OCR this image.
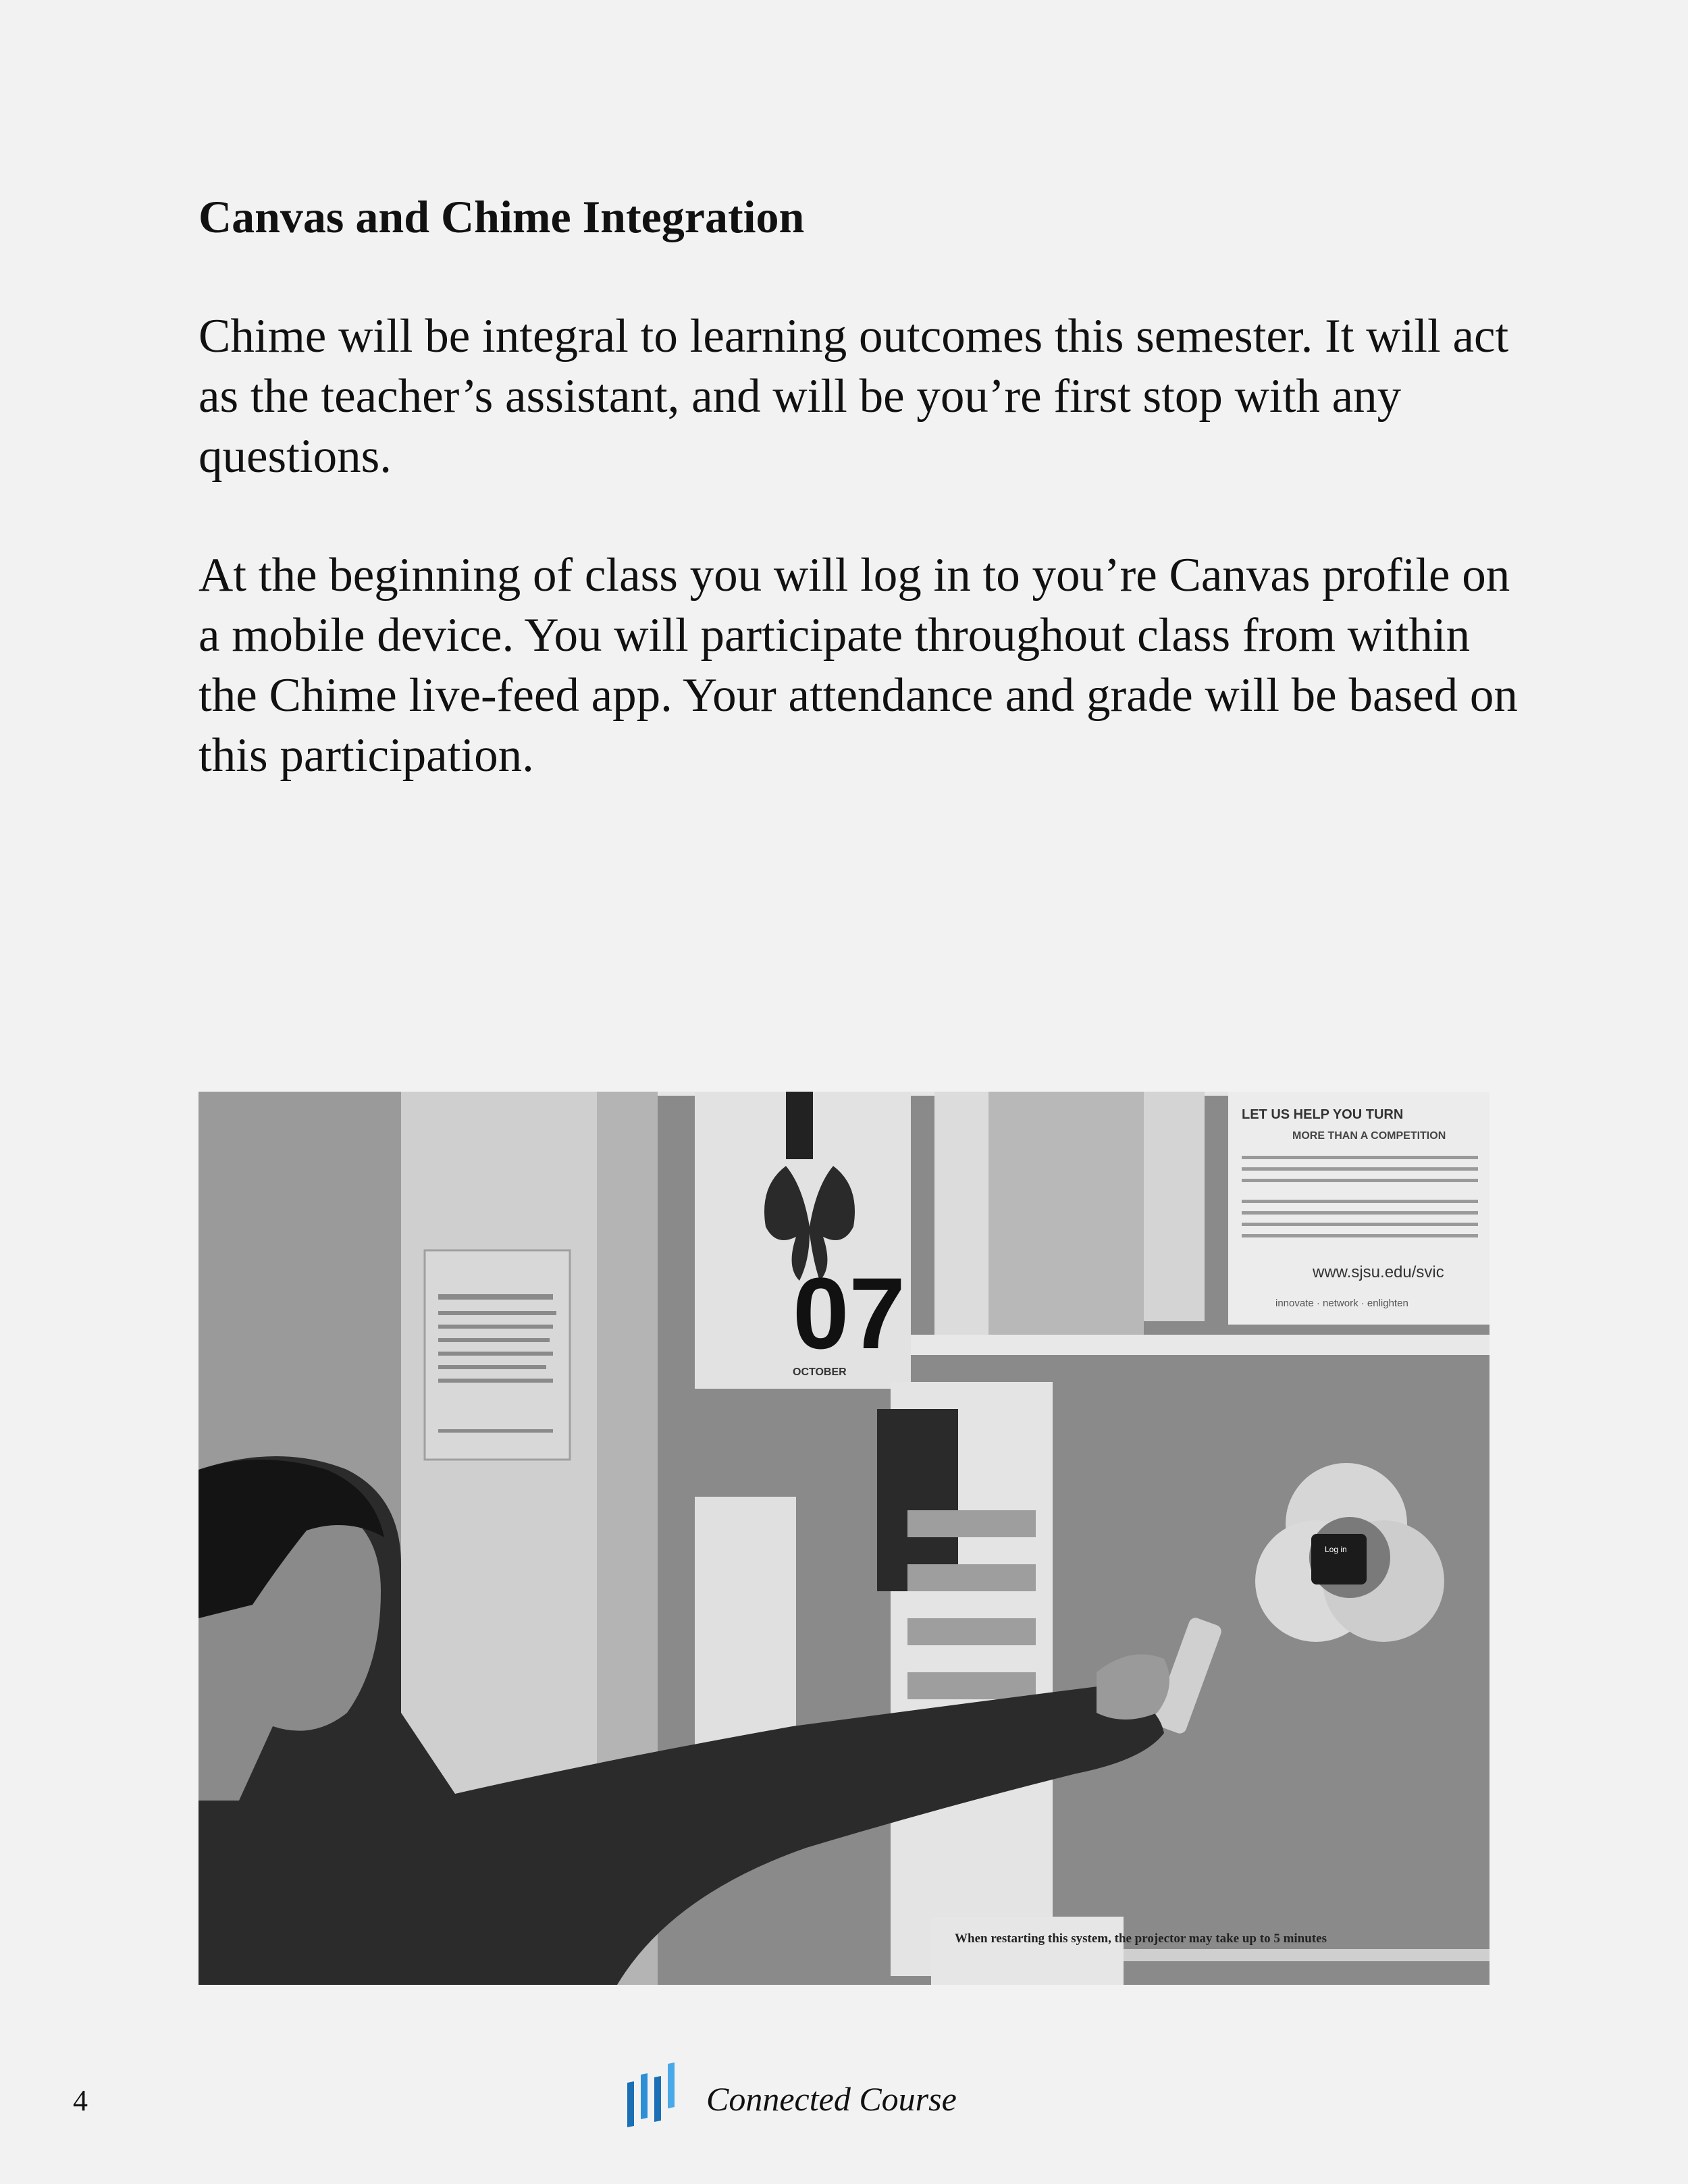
Canvas and Chime Integration

Chime will be integral to learning outcomes this semester. It will act as the teacher’s assistant, and will be you’re first stop with any questions.

At the beginning of class you will log in to you’re Canvas profile on a mobile device. You will participate throughout class from within the Chime live-feed app. Your attendance and grade will be based on this participation.

07
OCTOBER
LET US HELP YOU TURN
MORE THAN A COMPETITION
www.sjsu.edu/svic
innovate · network · enlighten
When restarting this system, the projector may take up to 5 minutes
Log in
4	Connected Course
